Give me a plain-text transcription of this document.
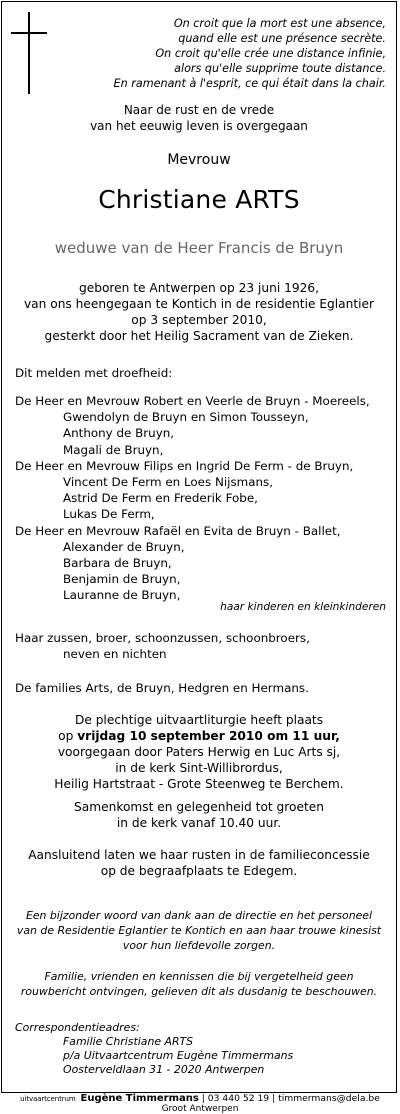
On croit que la mort est une absence,
quand elle est une présence secrète.
On croit qu'elle crée une distance infinie,
alors qu'elle supprime toute distance.
En ramenant à l'esprit, ce qui était dans la chair.
Naar de rust en de vrede
van het eeuwig leven is overgegaan
Mevrouw
Christiane ARTS
weduwe van de Heer Francis de Bruyn
geboren te Antwerpen op 23 juni 1926,
van ons heengegaan te Kontich in de residentie Eglantier
op 3 september 2010,
gesterkt door het Heilig Sacrament van de Zieken.
Dit melden met droefheid:
De Heer en Mevrouw Robert en Veerle de Bruyn - Moereels,
Gwendolyn de Bruyn en Simon Tousseyn,
Anthony de Bruyn,
Magali de Bruyn,
De Heer en Mevrouw Filips en Ingrid De Ferm - de Bruyn,
Vincent De Ferm en Loes Nijsmans,
Astrid De Ferm en Frederik Fobe,
Lukas De Ferm,
De Heer en Mevrouw Rafaël en Evita de Bruyn - Ballet,
Alexander de Bruyn,
Barbara de Bruyn,
Benjamin de Bruyn,
Lauranne de Bruyn,
haar kinderen en kleinkinderen
Haar zussen, broer, schoonzussen, schoonbroers,
neven en nichten
De families Arts, de Bruyn, Hedgren en Hermans.
De plechtige uitvaartliturgie heeft plaats
op vrijdag 10 september 2010 om 11 uur,
voorgegaan door Paters Herwig en Luc Arts sj,
in de kerk Sint-Willibrordus,
Heilig Hartstraat - Grote Steenweg te Berchem.
Samenkomst en gelegenheid tot groeten
in de kerk vanaf 10.40 uur.
Aansluitend laten we haar rusten in de familieconcessie
op de begraafplaats te Edegem.
Een bijzonder woord van dank aan de directie en het personeel
van de Residentie Eglantier te Kontich en aan haar trouwe kinesist
voor hun liefdevolle zorgen.
Familie, vrienden en kennissen die bij vergetelheid geen
rouwbericht ontvingen, gelieven dit als dusdanig te beschouwen.
Correspondentieadres:
Familie Christiane ARTS
p/a Uitvaartcentrum Eugène Timmermans
Oosterveldlaan 31 - 2020 Antwerpen
uitvaartcentrum Eugène Timmermans | 03 440 52 19 | timmermans@dela.be
Groot Antwerpen
